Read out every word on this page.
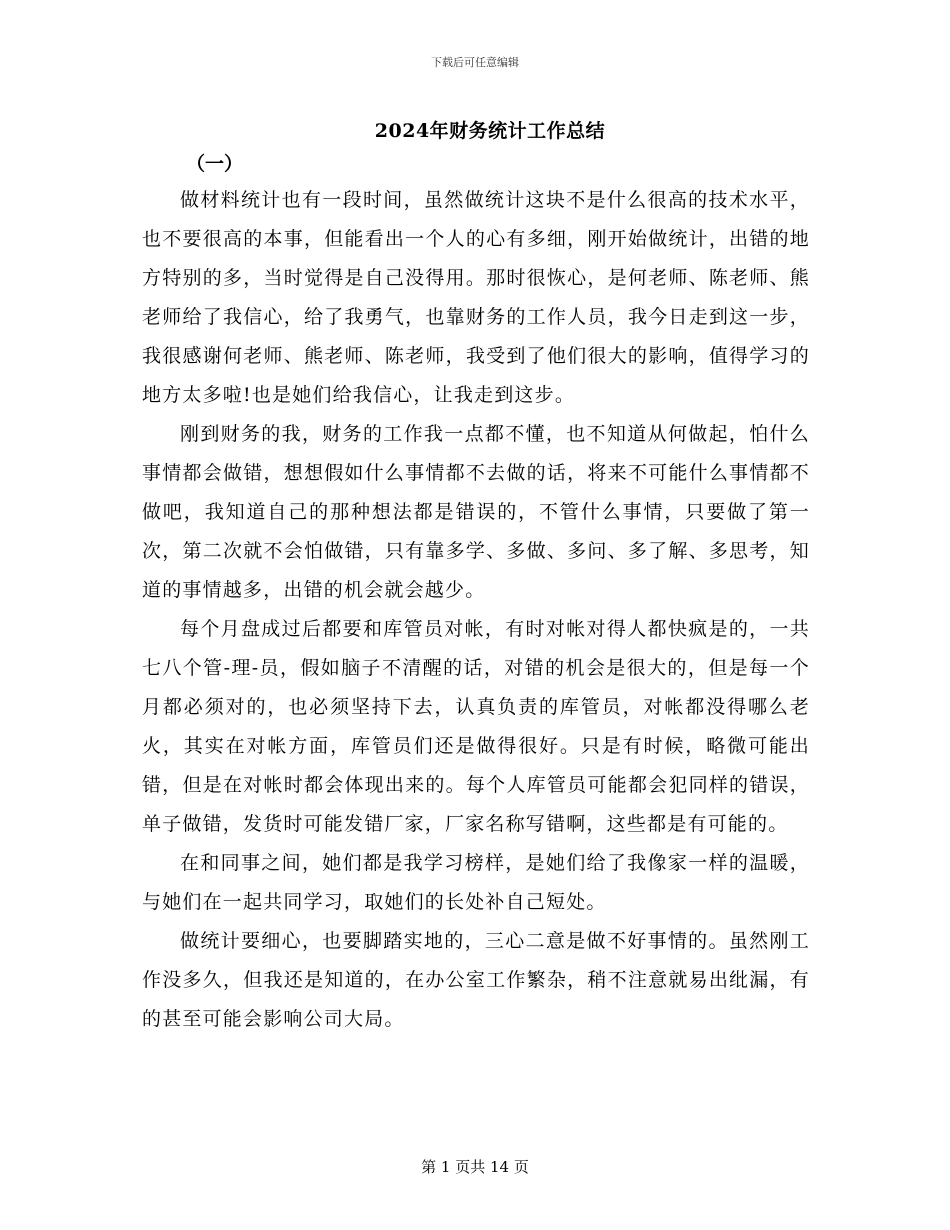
下载后可任意编辑
2024年财务统计工作总结
（一）

做材料统计也有一段时间，虽然做统计这块不是什么很高的技术水平，也不要很高的本事，但能看出一个人的心有多细，刚开始做统计，出错的地方特别的多，当时觉得是自己没得用。那时很恢心，是何老师、陈老师、熊老师给了我信心，给了我勇气，也靠财务的工作人员，我今日走到这一步，我很感谢何老师、熊老师、陈老师，我受到了他们很大的影响，值得学习的地方太多啦!也是她们给我信心，让我走到这步。

刚到财务的我，财务的工作我一点都不懂，也不知道从何做起，怕什么事情都会做错，想想假如什么事情都不去做的话，将来不可能什么事情都不做吧，我知道自己的那种想法都是错误的，不管什么事情，只要做了第一次，第二次就不会怕做错，只有靠多学、多做、多问、多了解、多思考，知道的事情越多，出错的机会就会越少。

每个月盘成过后都要和库管员对帐，有时对帐对得人都快疯是的，一共七八个管-理-员，假如脑子不清醒的话，对错的机会是很大的，但是每一个月都必须对的，也必须坚持下去，认真负责的库管员，对帐都没得哪么老火，其实在对帐方面，库管员们还是做得很好。只是有时候，略微可能出错，但是在对帐时都会体现出来的。每个人库管员可能都会犯同样的错误，单子做错，发货时可能发错厂家，厂家名称写错啊，这些都是有可能的。

在和同事之间，她们都是我学习榜样，是她们给了我像家一样的温暖，与她们在一起共同学习，取她们的长处补自己短处。

做统计要细心，也要脚踏实地的，三心二意是做不好事情的。虽然刚工作没多久，但我还是知道的，在办公室工作繁杂，稍不注意就易出纰漏，有的甚至可能会影响公司大局。

第 1 页共 14 页
